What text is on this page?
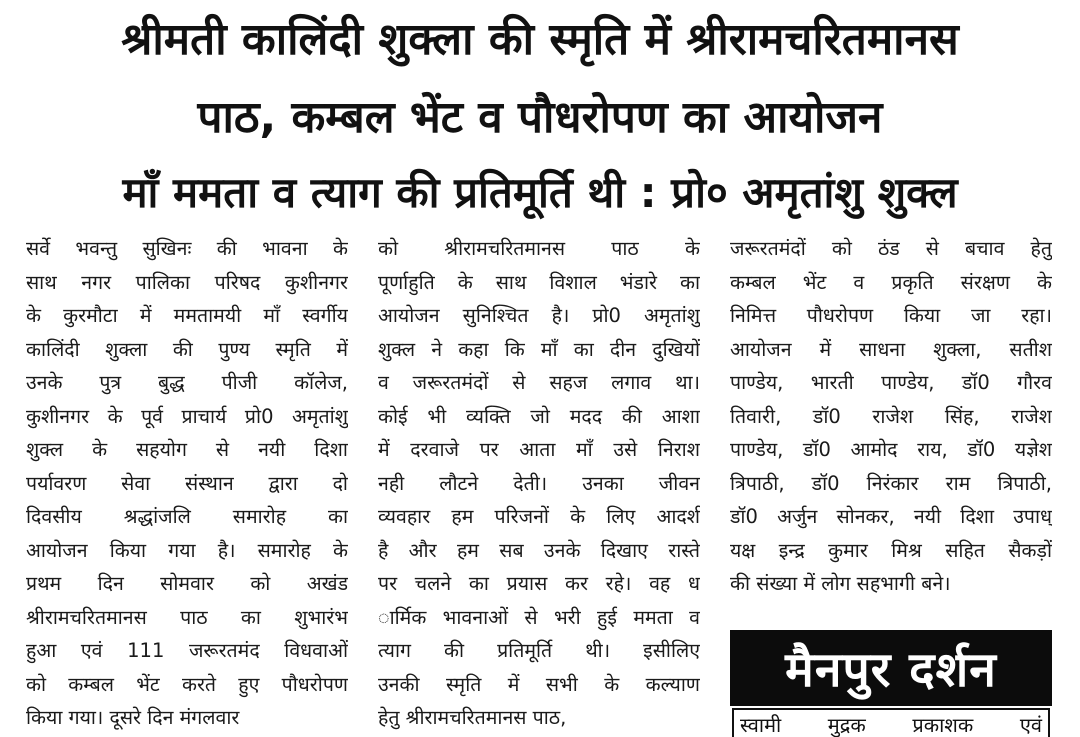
श्रीमती कालिंदी शुक्ला की स्मृति में श्रीरामचरितमानस
पाठ, कम्बल भेंट व पौधरोपण का आयोजन
माँ ममता व त्याग की प्रतिमूर्ति थी : प्रो० अमृतांशु शुक्ल
सर्वे भवन्तु सुखिनः की भावना के
साथ नगर पालिका परिषद कुशीनगर
के कुरमौटा में ममतामयी माँ स्वर्गीय
कालिंदी शुक्ला की पुण्य स्मृति में
उनके पुत्र बुद्ध पीजी कॉलेज,
कुशीनगर के पूर्व प्राचार्य प्रो0 अमृतांशु
शुक्ल के सहयोग से नयी दिशा
पर्यावरण सेवा संस्थान द्वारा दो
दिवसीय श्रद्धांजलि समारोह का
आयोजन किया गया है। समारोह के
प्रथम दिन सोमवार को अखंड
श्रीरामचरितमानस पाठ का शुभारंभ
हुआ एवं 111 जरूरतमंद विधवाओं
को कम्बल भेंट करते हुए पौधरोपण
किया गया। दूसरे दिन मंगलवार
को श्रीरामचरितमानस पाठ के
पूर्णाहुति के साथ विशाल भंडारे का
आयोजन सुनिश्चित है। प्रो0 अमृतांशु
शुक्ल ने कहा कि माँ का दीन दुखियों
व जरूरतमंदों से सहज लगाव था।
कोई भी व्यक्ति जो मदद की आशा
में दरवाजे पर आता माँ उसे निराश
नही लौटने देती। उनका जीवन
व्यवहार हम परिजनों के लिए आदर्श
है और हम सब उनके दिखाए रास्ते
पर चलने का प्रयास कर रहे। वह ध
ार्मिक भावनाओं से भरी हुई ममता व
त्याग की प्रतिमूर्ति थी। इसीलिए
उनकी स्मृति में सभी के कल्याण
हेतु श्रीरामचरितमानस पाठ,
जरूरतमंदों को ठंड से बचाव हेतु
कम्बल भेंट व प्रकृति संरक्षण के
निमित्त पौधरोपण किया जा रहा।
आयोजन में साधना शुक्ला, सतीश
पाण्डेय, भारती पाण्डेय, डॉ0 गौरव
तिवारी, डॉ0 राजेश सिंह, राजेश
पाण्डेय, डॉ0 आमोद राय, डॉ0 यज्ञेश
त्रिपाठी, डॉ0 निरंकार राम त्रिपाठी,
डॉ0 अर्जुन सोनकर, नयी दिशा उपाध्
यक्ष इन्द्र कुमार मिश्र सहित सैकड़ों
की संख्या में लोग सहभागी बने।
मैनपुर दर्शन
स्वामी मुद्रक प्रकाशक एवं
